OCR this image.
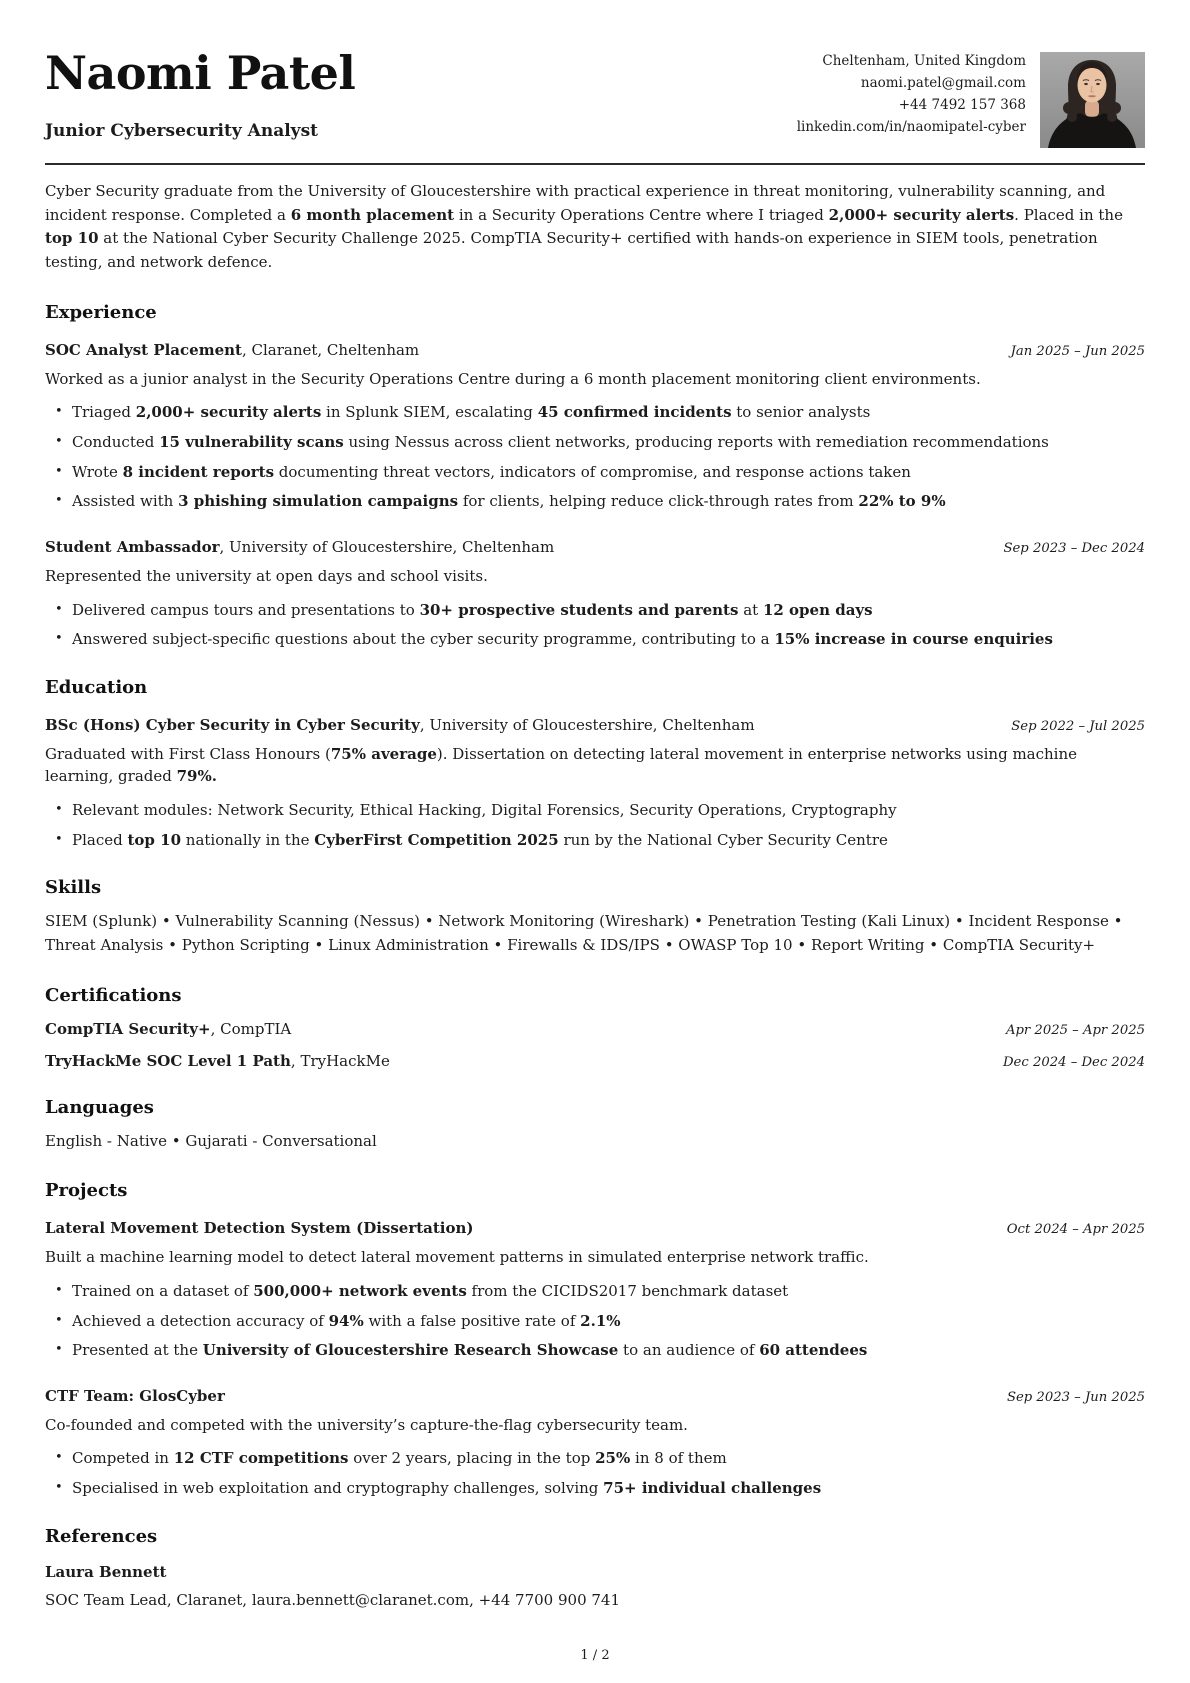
Naomi Patel
Junior Cybersecurity Analyst
Cheltenham, United Kingdom
naomi.patel@gmail.com
+44 7492 157 368
linkedin.com/in/naomipatel-cyber

Cyber Security graduate from the University of Gloucestershire with practical experience in threat monitoring, vulnerability scanning, and incident response. Completed a 6 month placement in a Security Operations Centre where I triaged 2,000+ security alerts. Placed in the top 10 at the National Cyber Security Challenge 2025. CompTIA Security+ certified with hands-on experience in SIEM tools, penetration testing, and network defence.

Experience
SOC Analyst Placement, Claranet, Cheltenham	Jan 2025 – Jun 2025

Worked as a junior analyst in the Security Operations Centre during a 6 month placement monitoring client environments.

• Triaged 2,000+ security alerts in Splunk SIEM, escalating 45 confirmed incidents to senior analysts
• Conducted 15 vulnerability scans using Nessus across client networks, producing reports with remediation recommendations
• Wrote 8 incident reports documenting threat vectors, indicators of compromise, and response actions taken
• Assisted with 3 phishing simulation campaigns for clients, helping reduce click-through rates from 22% to 9%
Student Ambassador, University of Gloucestershire, Cheltenham	Sep 2023 – Dec 2024

Represented the university at open days and school visits.

• Delivered campus tours and presentations to 30+ prospective students and parents at 12 open days
• Answered subject-specific questions about the cyber security programme, contributing to a 15% increase in course enquiries
Education
BSc (Hons) Cyber Security in Cyber Security, University of Gloucestershire, Cheltenham	Sep 2022 – Jul 2025

Graduated with First Class Honours (75% average). Dissertation on detecting lateral movement in enterprise networks using machine learning, graded 79%.

• Relevant modules: Network Security, Ethical Hacking, Digital Forensics, Security Operations, Cryptography
• Placed top 10 nationally in the CyberFirst Competition 2025 run by the National Cyber Security Centre
Skills

SIEM (Splunk) • Vulnerability Scanning (Nessus) • Network Monitoring (Wireshark) • Penetration Testing (Kali Linux) • Incident Response • Threat Analysis • Python Scripting • Linux Administration • Firewalls & IDS/IPS • OWASP Top 10 • Report Writing • CompTIA Security+

Certifications
CompTIA Security+, CompTIA	Apr 2025 – Apr 2025
TryHackMe SOC Level 1 Path, TryHackMe	Dec 2024 – Dec 2024
Languages

English - Native • Gujarati - Conversational

Projects
Lateral Movement Detection System (Dissertation)	Oct 2024 – Apr 2025

Built a machine learning model to detect lateral movement patterns in simulated enterprise network traffic.

• Trained on a dataset of 500,000+ network events from the CICIDS2017 benchmark dataset
• Achieved a detection accuracy of 94% with a false positive rate of 2.1%
• Presented at the University of Gloucestershire Research Showcase to an audience of 60 attendees
CTF Team: GlosCyber	Sep 2023 – Jun 2025

Co-founded and competed with the university’s capture-the-flag cybersecurity team.

• Competed in 12 CTF competitions over 2 years, placing in the top 25% in 8 of them
• Specialised in web exploitation and cryptography challenges, solving 75+ individual challenges
References
Laura Bennett
SOC Team Lead, Claranet, laura.bennett@claranet.com, +44 7700 900 741
1 / 2
